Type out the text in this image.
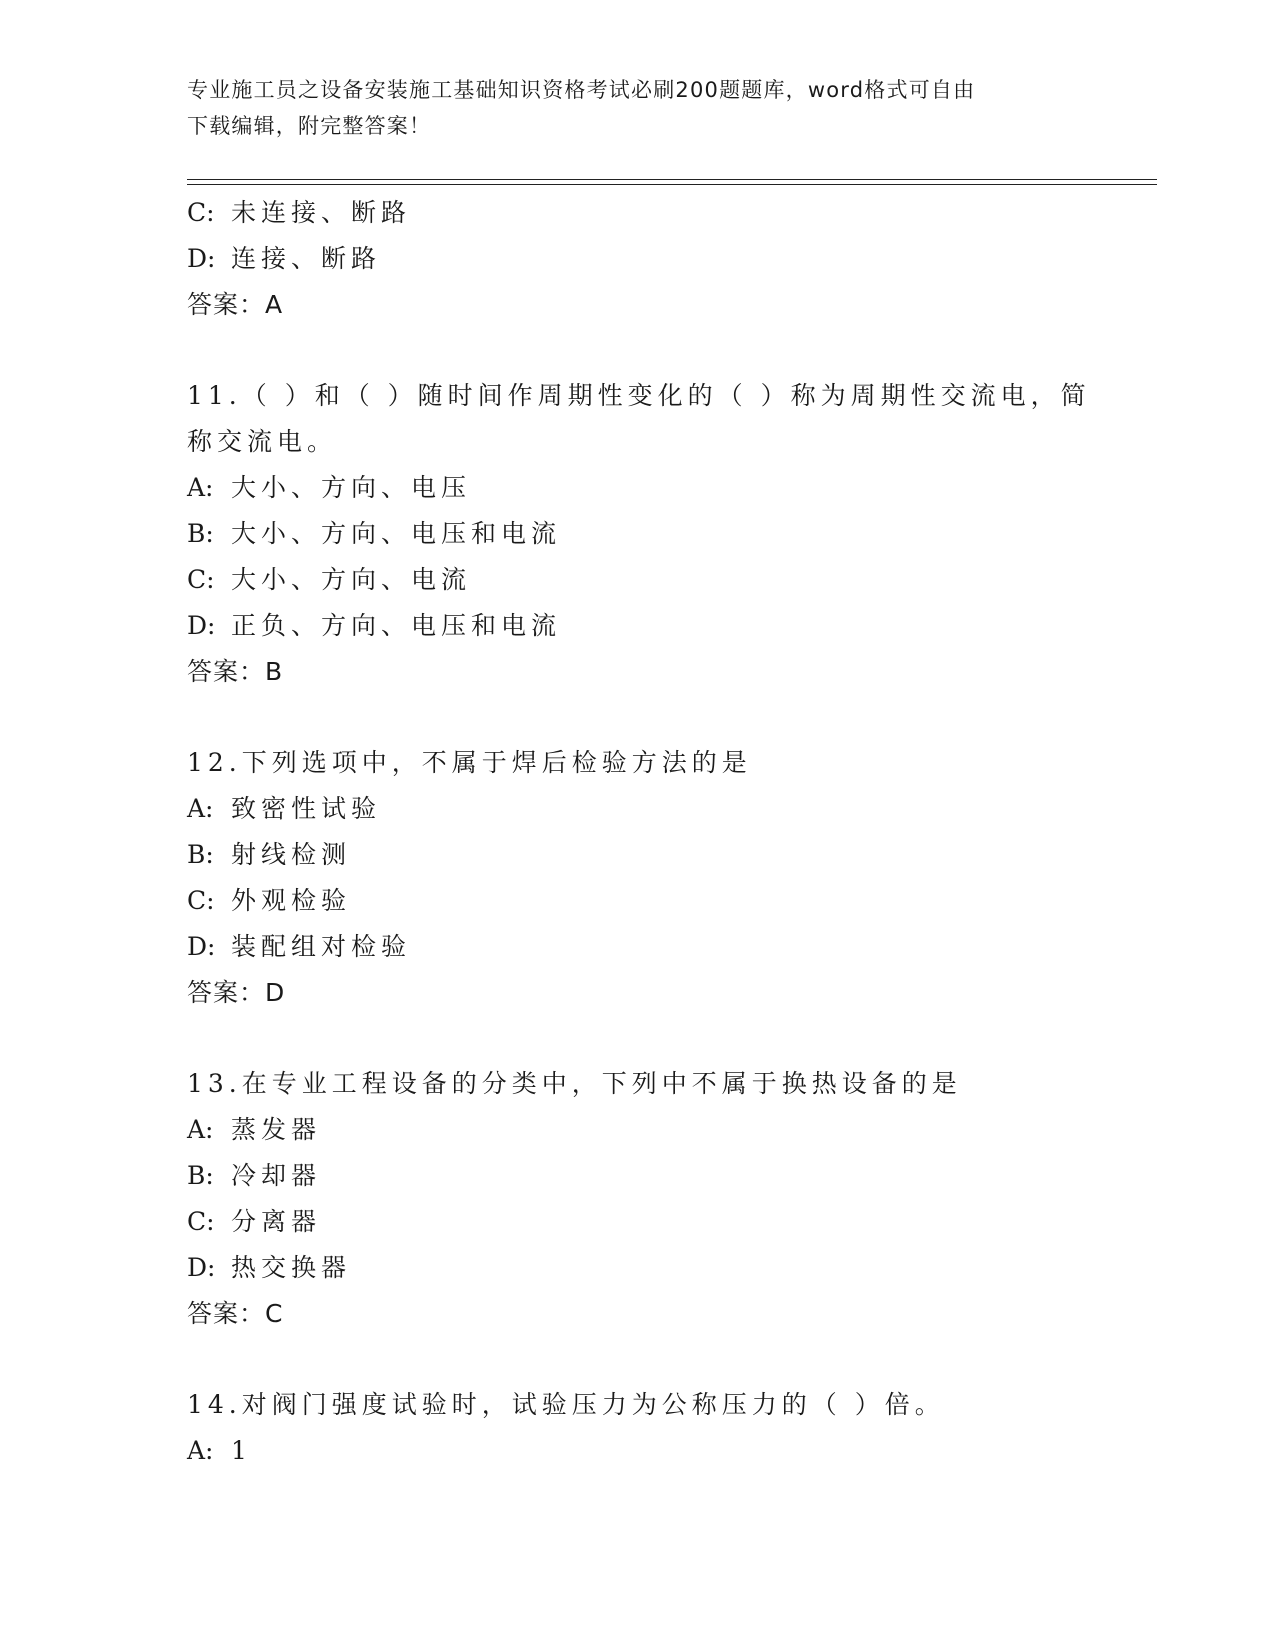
专业施工员之设备安装施工基础知识资格考试必刷200题题库，word格式可自由
下载编辑，附完整答案！
C: 未连接、断路
D: 连接、断路
答案：A
11.（ ）和（ ）随时间作周期性变化的（ ）称为周期性交流电，简
称交流电。
A: 大小、方向、电压
B: 大小、方向、电压和电流
C: 大小、方向、电流
D: 正负、方向、电压和电流
答案：B
12.下列选项中，不属于焊后检验方法的是
A: 致密性试验
B: 射线检测
C: 外观检验
D: 装配组对检验
答案：D
13.在专业工程设备的分类中，下列中不属于换热设备的是
A: 蒸发器
B: 冷却器
C: 分离器
D: 热交换器
答案：C
14.对阀门强度试验时，试验压力为公称压力的（ ）倍。
A: 1
